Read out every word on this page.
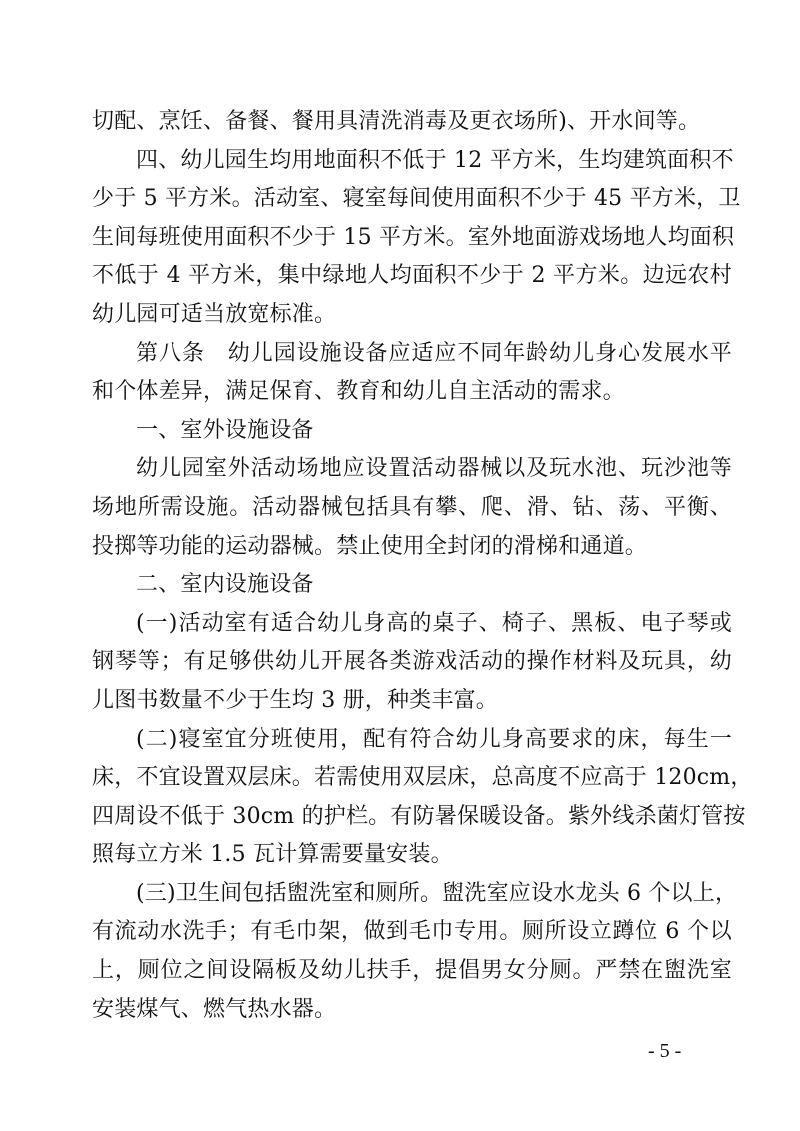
切配、烹饪、备餐、餐用具清洗消毒及更衣场所)、开水间等。
四、幼儿园生均用地面积不低于 12 平方米，生均建筑面积不
少于 5 平方米。活动室、寝室每间使用面积不少于 45 平方米，卫
生间每班使用面积不少于 15 平方米。室外地面游戏场地人均面积
不低于 4 平方米，集中绿地人均面积不少于 2 平方米。边远农村
幼儿园可适当放宽标准。
第八条　幼儿园设施设备应适应不同年龄幼儿身心发展水平
和个体差异，满足保育、教育和幼儿自主活动的需求。
一、室外设施设备
幼儿园室外活动场地应设置活动器械以及玩水池、玩沙池等
场地所需设施。活动器械包括具有攀、爬、滑、钻、荡、平衡、
投掷等功能的运动器械。禁止使用全封闭的滑梯和通道。
二、室内设施设备
(一)活动室有适合幼儿身高的桌子、椅子、黑板、电子琴或
钢琴等；有足够供幼儿开展各类游戏活动的操作材料及玩具，幼
儿图书数量不少于生均 3 册，种类丰富。
(二)寝室宜分班使用，配有符合幼儿身高要求的床，每生一
床，不宜设置双层床。若需使用双层床，总高度不应高于 120cm，
四周设不低于 30cm 的护栏。有防暑保暖设备。紫外线杀菌灯管按
照每立方米 1.5 瓦计算需要量安装。
(三)卫生间包括盥洗室和厕所。盥洗室应设水龙头 6 个以上，
有流动水洗手；有毛巾架，做到毛巾专用。厕所设立蹲位 6 个以
上，厕位之间设隔板及幼儿扶手，提倡男女分厕。严禁在盥洗室
安装煤气、燃气热水器。
- 5 -
